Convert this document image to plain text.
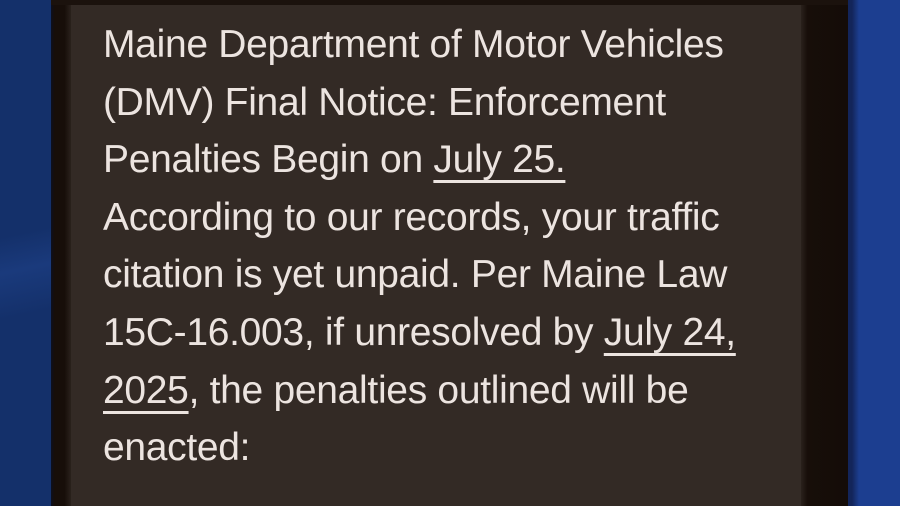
Maine Department of Motor Vehicles
(DMV) Final Notice: Enforcement
Penalties Begin on July 25.
According to our records, your traffic
citation is yet unpaid. Per Maine Law
15C-16.003, if unresolved by July 24,
2025, the penalties outlined will be
enacted:
